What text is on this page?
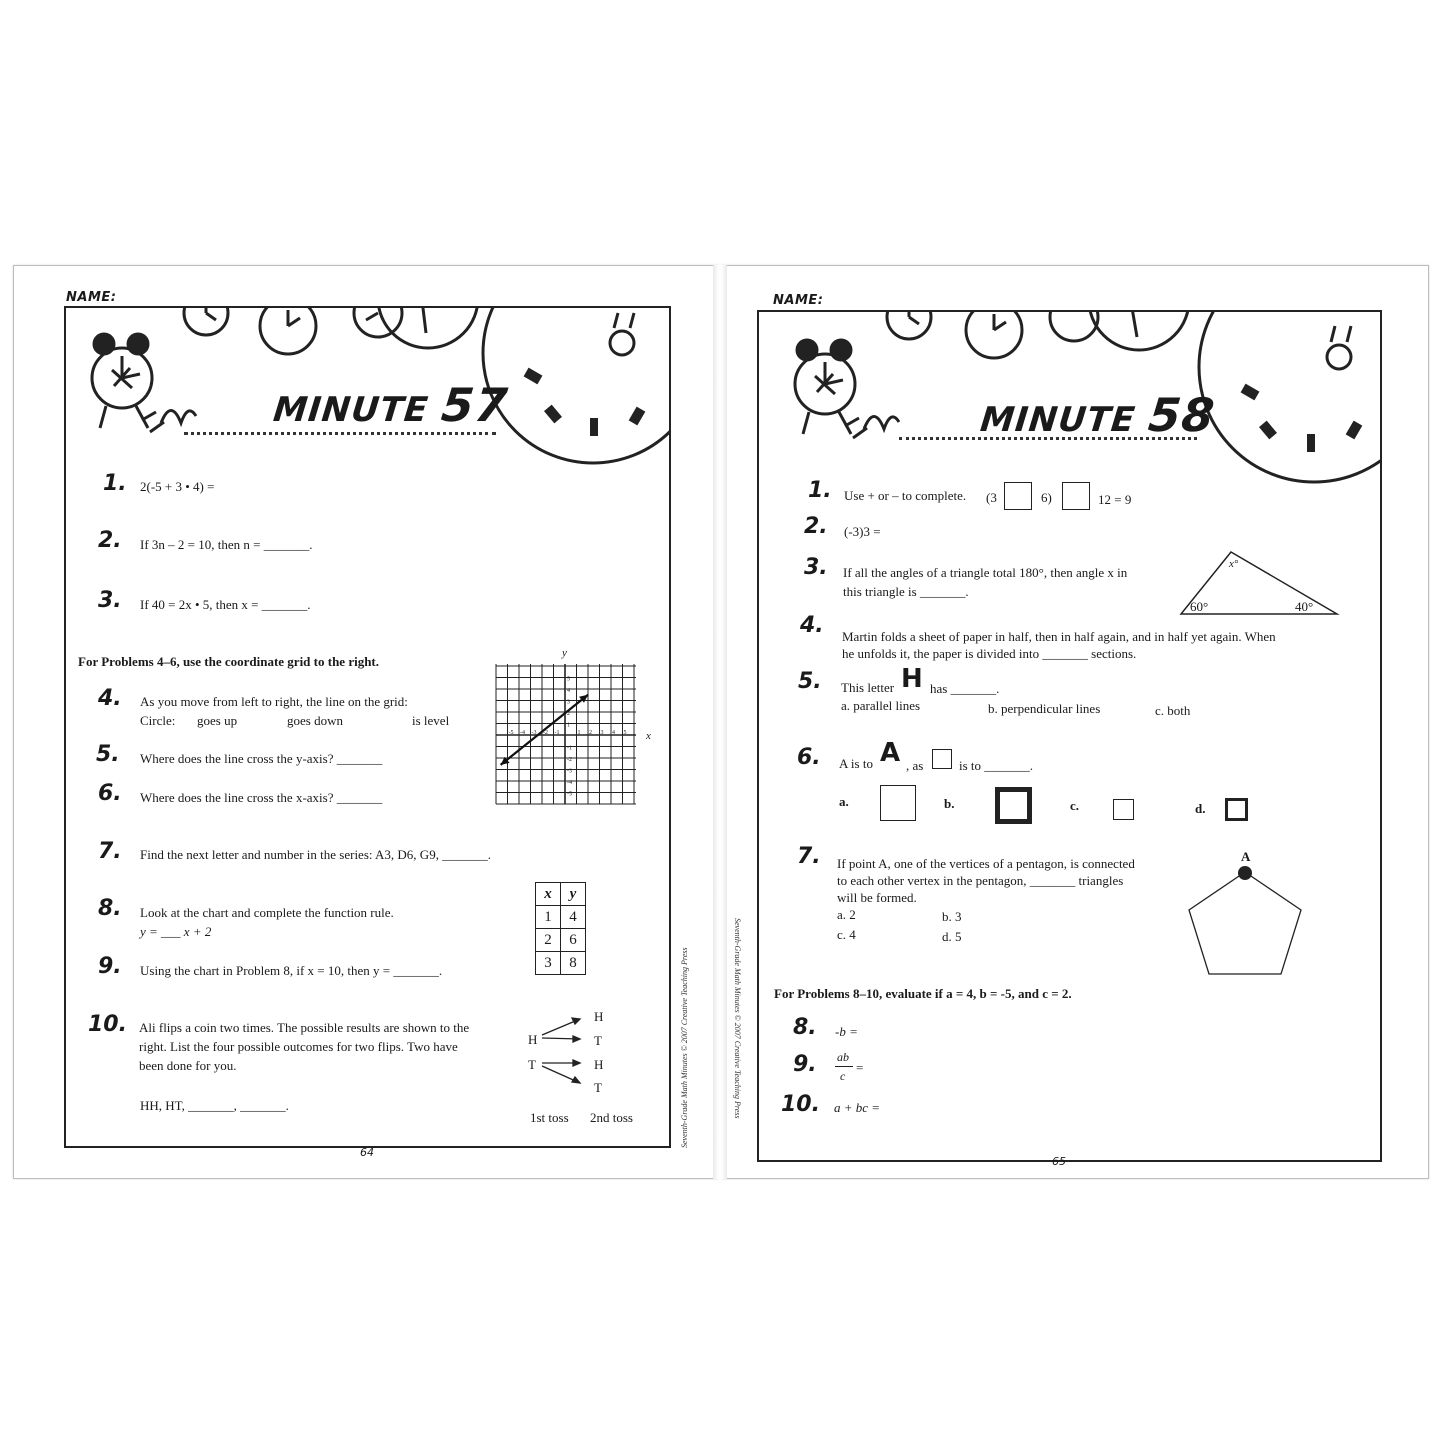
NAME:
MINUTE 57
1.	2(-5 + 3 • 4) =
2.	If 3n – 2 = 10, then n = _______.
3.	If 40 = 2x • 5, then x = _______.
For Problems 4–6, use the coordinate grid to the right.
4.	As you move from left to right, the line on the grid:
Circle: goes up	goes down	is level
5.	Where does the line cross the y-axis? _______
6.	Where does the line cross the x-axis? _______
7.	Find the next letter and number in the series: A3, D6, G9, _______.
8.	Look at the chart and complete the function rule.
y = ___ x + 2
9.	Using the chart in Problem 8, if x = 10, then y = _______.
10. Ali flips a coin two times. The possible results are shown to the right. List the four possible outcomes for two flips. Two have been done for you.
HH, HT, _______, _______.
-5
-5
-4
-4
-3
-3
-2
-2
-1
-1
1
1
2
2
3
3
4
4
5
5
x
y
x	y
1	4
2	6
3	8
H
T
H
T
H
T
1st toss 2nd toss
64
Seventh-Grade Math Minutes © 2007 Creative Teaching Press	Seventh-Grade Math Minutes © 2007 Creative Teaching Press
NAME:
MINUTE 58
1. Use + or – to complete. (3	6)	12 = 9
2.	(-3)3 =
3.	If all the angles of a triangle total 180°, then angle x in
this triangle is _______.
x°
60°	40°
4.	Martin folds a sheet of paper in half, then in half again, and in half yet again. When
he unfolds it, the paper is divided into _______ sections.
5.	This letter H has _______.
a. parallel lines	b. perpendicular lines	c. both
6.	A is to A , as	is to _______.
a.	b.	c.	d.
7.	If point A, one of the vertices of a pentagon, is connected
to each other vertex in the pentagon, _______ triangles
will be formed.
a. 2	b. 3
c. 4	d. 5
A
For Problems 8–10, evaluate if a = 4, b = -5, and c = 2.
8.	-b =
9.	ab
c
=
10. a + bc =
65
